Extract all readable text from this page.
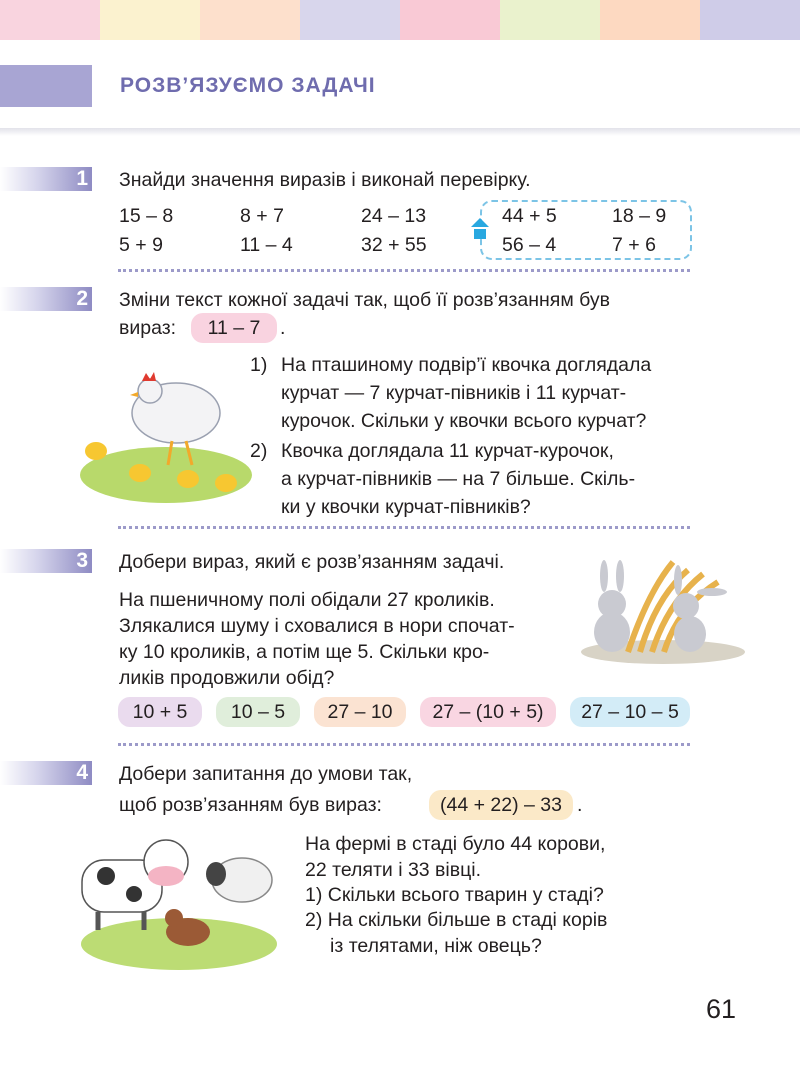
РОЗВ’ЯЗУЄМО ЗАДАЧІ
1 Знайди значення виразів і виконай перевірку.
15 – 8	8 + 7	24 – 13	44 + 5	18 – 9
5 + 9	11 – 4	32 + 55	56 – 4	7 + 6
2 Зміни текст кожної задачі так, щоб її розв’язанням був
вираз:	11 – 7	.
1) На пташиному подвір’ї квочка доглядала
курчат — 7 курчат-півників і 11 курчат-
курочок. Скільки у квочки всього курчат?
2) Квочка доглядала 11 курчат-курочок,
а курчат-півників — на 7 більше. Скіль-
ки у квочки курчат-півників?
3 Добери вираз, який є розв’язанням задачі.
На пшеничному полі обідали 27 кроликів.
Злякалися шуму і сховалися в нори спочат-
ку 10 кроликів, а потім ще 5. Скільки кро-
ликів продовжили обід?
10 + 5	10 – 5	27 – 10	27 – (10 + 5)	27 – 10 – 5
4 Добери запитання до умови так,
щоб розв’язанням був вираз:	(44 + 22) – 33 .
На фермі в стаді було 44 корови,
22 теляти і 33 вівці.
1) Скільки всього тварин у стаді?
2) На скільки більше в стаді корів
із телятами, ніж овець?
61
